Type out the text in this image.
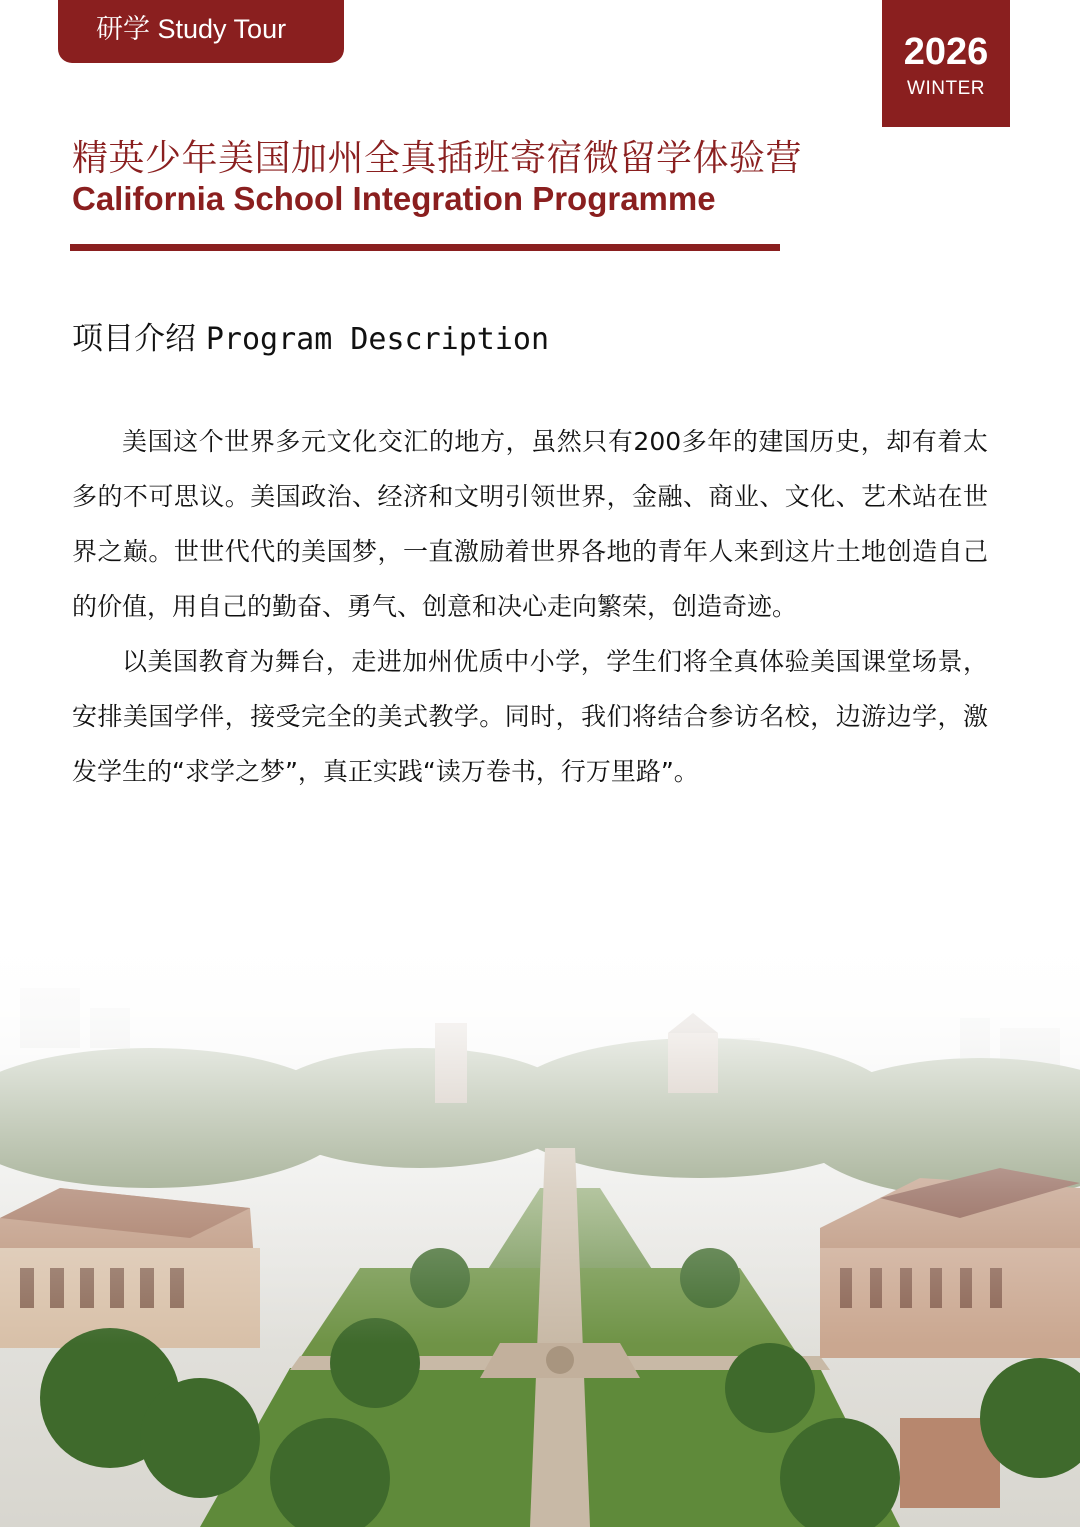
研学 Study Tour
2026
WINTER
精英少年美国加州全真插班寄宿微留学体验营
California School Integration Programme
项目介绍 Program Description

美国这个世界多元文化交汇的地方，虽然只有200多年的建国历史，却有着太多的不可思议。美国政治、经济和文明引领世界，金融、商业、文化、艺术站在世界之巅。世世代代的美国梦，一直激励着世界各地的青年人来到这片土地创造自己的价值，用自己的勤奋、勇气、创意和决心走向繁荣，创造奇迹。

以美国教育为舞台，走进加州优质中小学，学生们将全真体验美国课堂场景，安排美国学伴，接受完全的美式教学。同时，我们将结合参访名校，边游边学，激发学生的“求学之梦”，真正实践“读万卷书，行万里路”。
